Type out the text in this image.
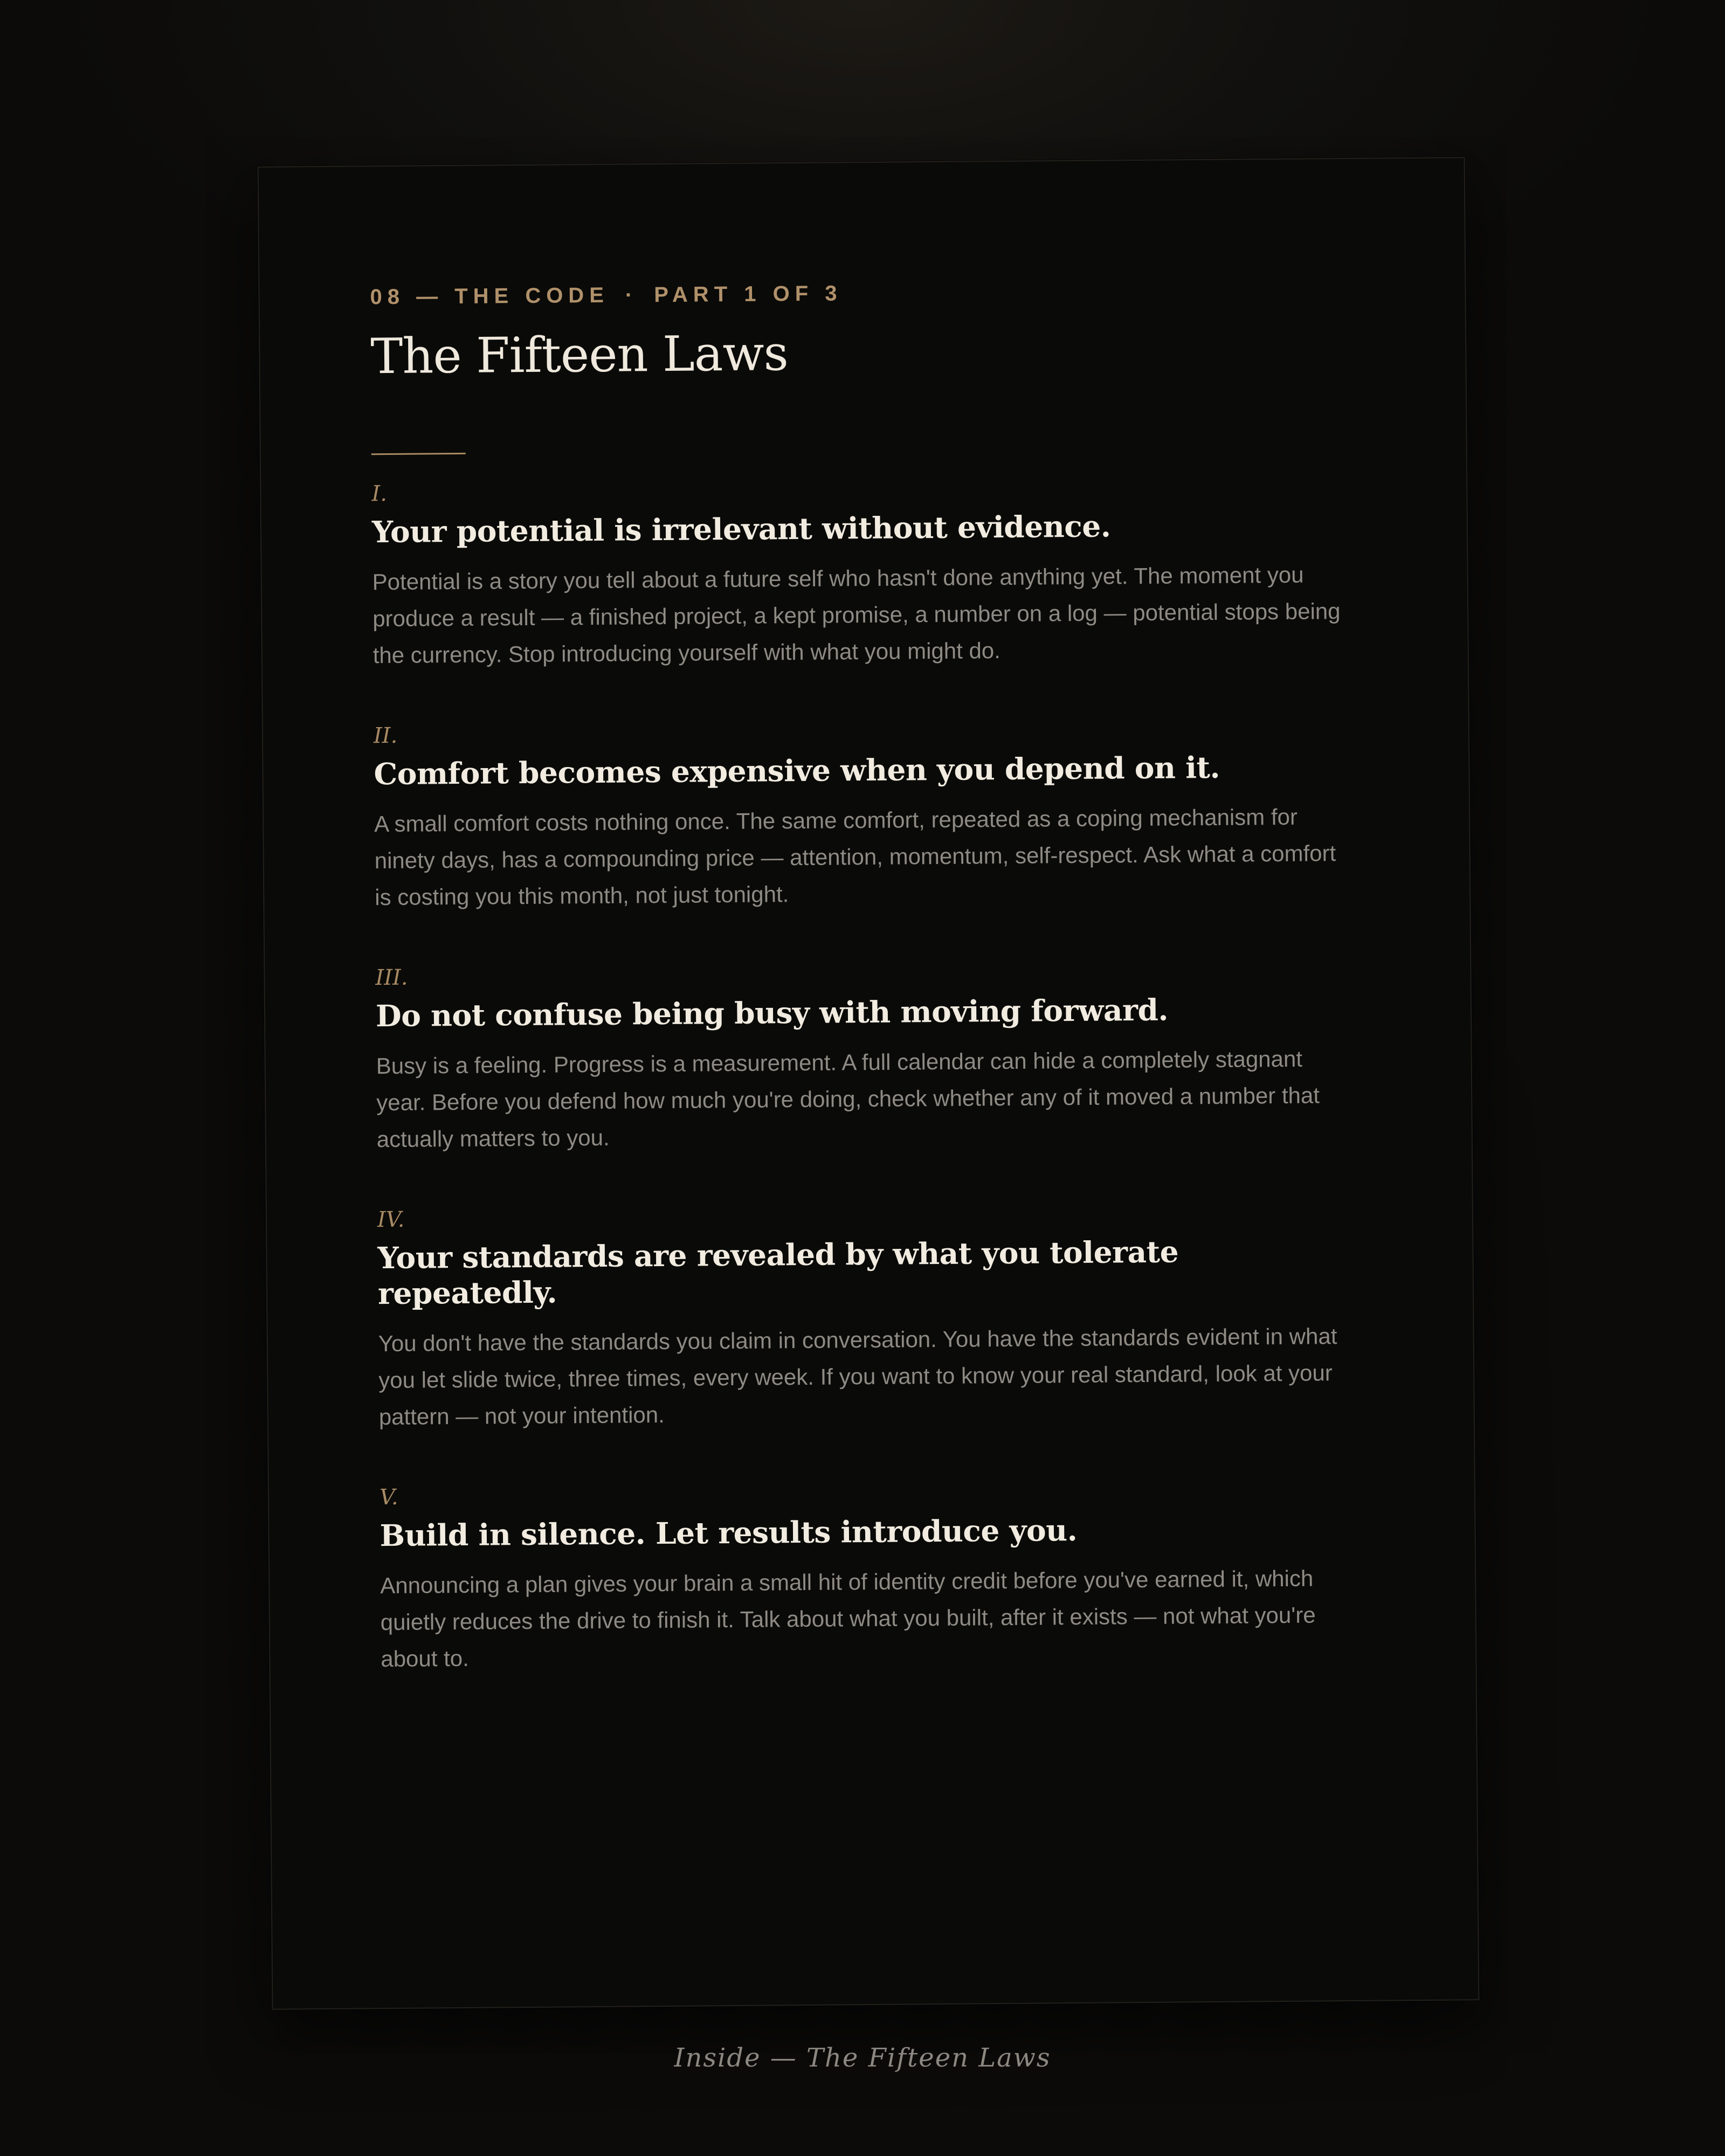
08 — THE CODE · PART 1 OF 3

The Fifteen Laws

I.

Your potential is irrelevant without evidence.

Potential is a story you tell about a future self who hasn't done anything yet. The moment you produce a result — a finished project, a kept promise, a number on a log — potential stops being the currency. Stop introducing yourself with what you might do.

II.

Comfort becomes expensive when you depend on it.

A small comfort costs nothing once. The same comfort, repeated as a coping mechanism for ninety days, has a compounding price — attention, momentum, self-respect. Ask what a comfort is costing you this month, not just tonight.

III.

Do not confuse being busy with moving forward.

Busy is a feeling. Progress is a measurement. A full calendar can hide a completely stagnant year. Before you defend how much you're doing, check whether any of it moved a number that actually matters to you.

IV.

Your standards are revealed by what you tolerate repeatedly.

You don't have the standards you claim in conversation. You have the standards evident in what you let slide twice, three times, every week. If you want to know your real standard, look at your pattern — not your intention.

V.

Build in silence. Let results introduce you.

Announcing a plan gives your brain a small hit of identity credit before you've earned it, which quietly reduces the drive to finish it. Talk about what you built, after it exists — not what you're about to.

Inside — The Fifteen Laws
